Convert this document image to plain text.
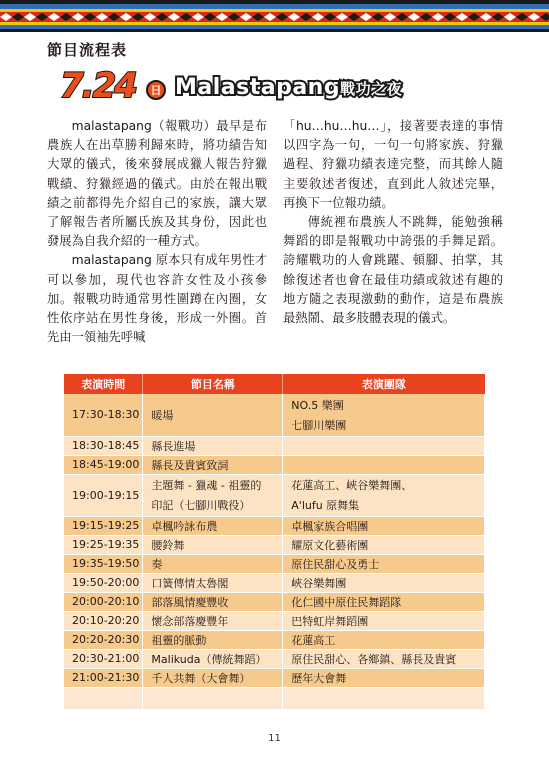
節目流程表
7.24	日 Malastapang戰功之夜

malastapang（報戰功）最早是布農族人在出草勝利歸來時，將功績告知大眾的儀式，後來發展成獵人報告狩獵戰績、狩獵經過的儀式。由於在報出戰績之前都得先介紹自己的家族，讓大眾了解報告者所屬氏族及其身份，因此也發展為自我介紹的一種方式。

malastapang 原本只有成年男性才可以參加，現代也容許女性及小孩參加。報戰功時通常男性圍蹲在內圈，女性依序站在男性身後，形成一外圈。首先由一領袖先呼喊

「hu…hu…hu…」，接著要表達的事情以四字為一句，一句一句將家族、狩獵過程、狩獵功績表達完整，而其餘人隨主要敘述者復述，直到此人敘述完畢，再換下一位報功績。

傳統裡布農族人不跳舞，能勉強稱舞蹈的即是報戰功中誇張的手舞足蹈。誇耀戰功的人會跳躍、頓腳、拍掌，其餘復述者也會在最佳功績或敘述有趣的地方隨之表現激動的動作，這是布農族最熱鬧、最多肢體表現的儀式。

表演時間	節目名稱	表演團隊
17:30-18:30	暖場	NO.5 樂團
七腳川樂團

18:30-18:45	縣長進場	
18:45-19:00	縣長及貴賓致詞	
19:00-19:15	主題舞 - 獵魂 - 祖靈的
印記（七腳川戰役）	花蓮高工、峽谷樂舞團、
A'lufu 原舞集

19:15-19:25	卓楓吟詠布農	卓楓家族合唱團
19:25-19:35	腰鈴舞	耀原文化藝術團
19:35-19:50	奏	原住民甜心及勇士
19:50-20:00	口簧傳情太魯閣	峽谷樂舞團
20:00-20:10	部落風情慶豐收	化仁國中原住民舞蹈隊
20:10-20:20	懷念部落慶豐年	巴特虹岸舞蹈團
20:20-20:30	祖靈的脈動	花蓮高工
20:30-21:00	Malikuda（傳統舞蹈）	原住民甜心、各鄉鎮、縣長及貴賓
21:00-21:30	千人共舞（大會舞）	歷年大會舞

11
